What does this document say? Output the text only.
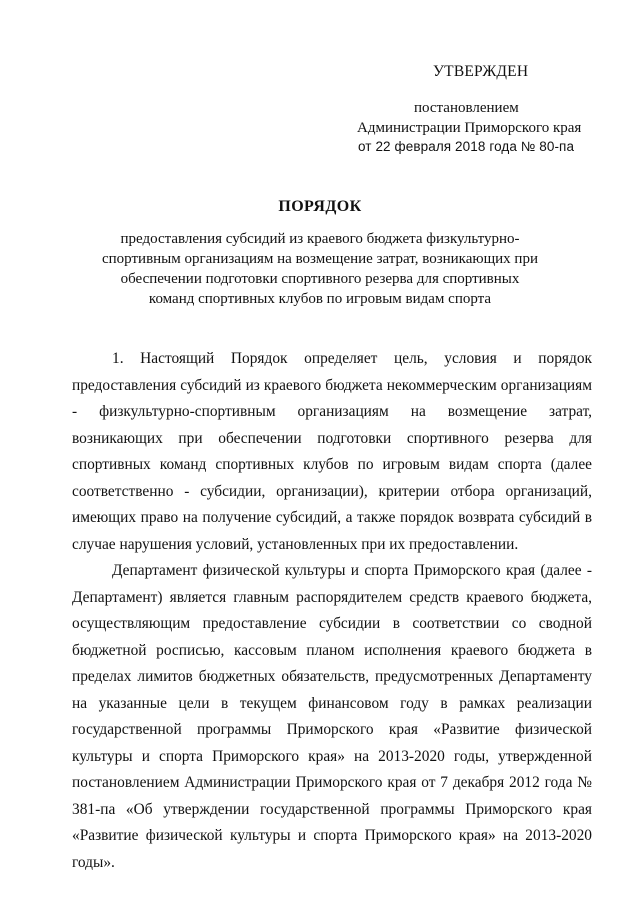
УТВЕРЖДЕН
постановлением
Администрации Приморского края
от 22 февраля 2018 года № 80-па
ПОРЯДОК
предоставления субсидий из краевого бюджета физкультурно-
спортивным организациям на возмещение затрат, возникающих при
обеспечении подготовки спортивного резерва для спортивных
команд спортивных клубов по игровым видам спорта

1. Настоящий Порядок определяет цель, условия и порядок предоставления субсидий из краевого бюджета некоммерческим организациям - физкультурно-спортивным организациям на возмещение затрат, возникающих при обеспечении подготовки спортивного резерва для спортивных команд спортивных клубов по игровым видам спорта (далее соответственно - субсидии, организации), критерии отбора организаций, имеющих право на получение субсидий, а также порядок возврата субсидий в случае нарушения условий, установленных при их предоставлении.

Департамент физической культуры и спорта Приморского края (далее - Департамент) является главным распорядителем средств краевого бюджета, осуществляющим предоставление субсидии в соответствии со сводной бюджетной росписью, кассовым планом исполнения краевого бюджета в пределах лимитов бюджетных обязательств, предусмотренных Департаменту на указанные цели в текущем финансовом году в рамках реализации государственной программы Приморского края «Развитие физической культуры и спорта Приморского края» на 2013-2020 годы, утвержденной постановлением Администрации Приморского края от 7 декабря 2012 года № 381-па «Об утверждении государственной программы Приморского края «Развитие физической культуры и спорта Приморского края» на 2013-2020 годы».
